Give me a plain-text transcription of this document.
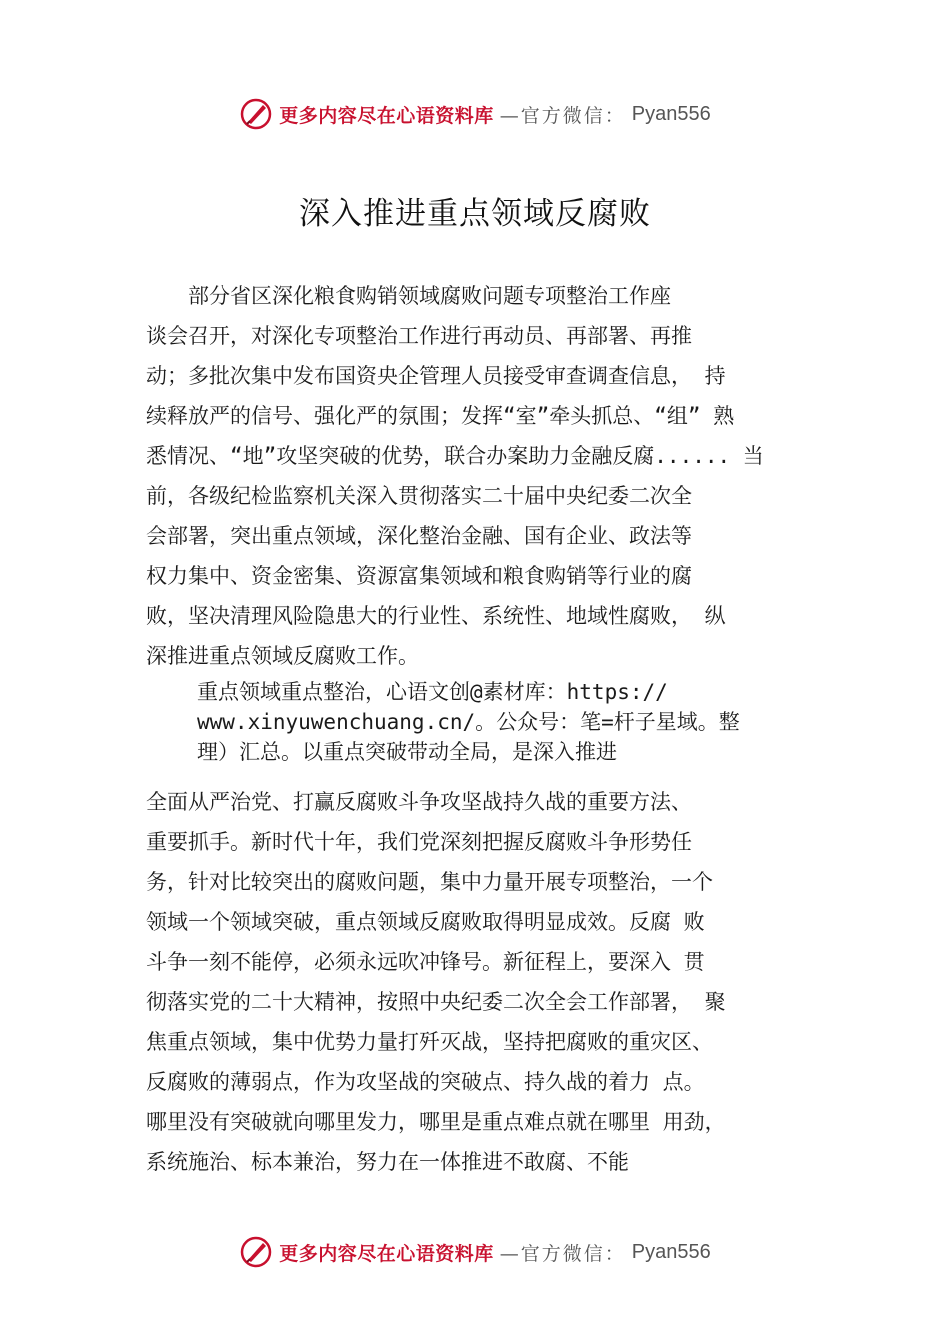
更多内容尽在心语资料库 —官方微信： Pyan556
深入推进重点领域反腐败
　　部分省区深化粮食购销领域腐败问题专项整治工作座
谈会召开，对深化专项整治工作进行再动员、再部署、再推
动；多批次集中发布国资央企管理人员接受审查调查信息， 持
续释放严的信号、强化严的氛围；发挥“室”牵头抓总、“组” 熟
悉情况、“地”攻坚突破的优势，联合办案助力金融反腐...... 当
前，各级纪检监察机关深入贯彻落实二十届中央纪委二次全
会部署，突出重点领域，深化整治金融、国有企业、政法等
权力集中、资金密集、资源富集领域和粮食购销等行业的腐
败，坚决清理风险隐患大的行业性、系统性、地域性腐败， 纵
深推进重点领域反腐败工作。
重点领域重点整治，心语文创@素材库：https://
www.xinyuwenchuang.cn/。公众号：笔=杆子星域。整
理）汇总。以重点突破带动全局，是深入推进
全面从严治党、打赢反腐败斗争攻坚战持久战的重要方法、
重要抓手。新时代十年，我们党深刻把握反腐败斗争形势任
务，针对比较突出的腐败问题，集中力量开展专项整治，一个
领域一个领域突破，重点领域反腐败取得明显成效。反腐 败
斗争一刻不能停，必须永远吹冲锋号。新征程上，要深入 贯
彻落实党的二十大精神，按照中央纪委二次全会工作部署， 聚
焦重点领域，集中优势力量打歼灭战，坚持把腐败的重灾区、
反腐败的薄弱点，作为攻坚战的突破点、持久战的着力 点。
哪里没有突破就向哪里发力，哪里是重点难点就在哪里 用劲，
系统施治、标本兼治，努力在一体推进不敢腐、不能
更多内容尽在心语资料库 —官方微信： Pyan556
